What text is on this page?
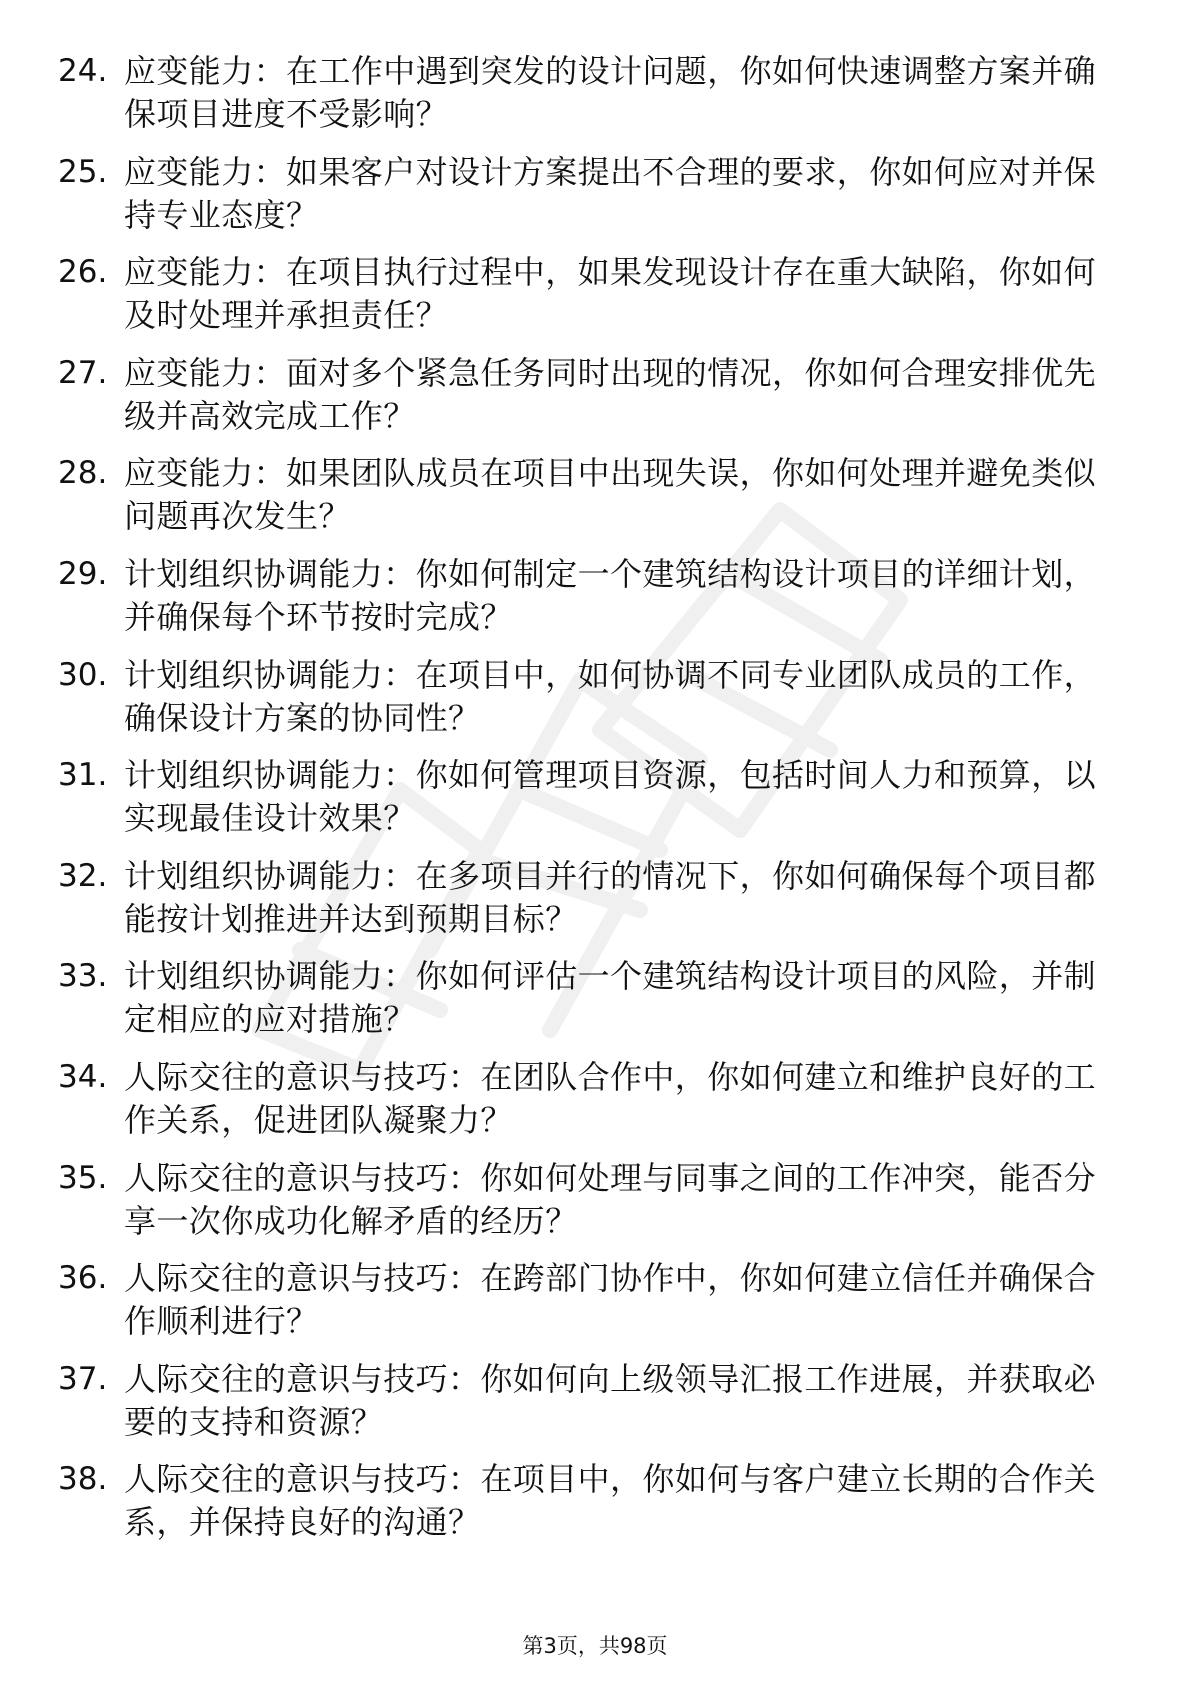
24. 应变能力：在工作中遇到突发的设计问题，你如何快速调整方案并确保项目进度不受影响？
25. 应变能力：如果客户对设计方案提出不合理的要求，你如何应对并保持专业态度？
26. 应变能力：在项目执行过程中，如果发现设计存在重大缺陷，你如何及时处理并承担责任？
27. 应变能力：面对多个紧急任务同时出现的情况，你如何合理安排优先级并高效完成工作？
28. 应变能力：如果团队成员在项目中出现失误，你如何处理并避免类似问题再次发生？
29. 计划组织协调能力：你如何制定一个建筑结构设计项目的详细计划，并确保每个环节按时完成？
30. 计划组织协调能力：在项目中，如何协调不同专业团队成员的工作，确保设计方案的协同性？
31. 计划组织协调能力：你如何管理项目资源，包括时间人力和预算，以实现最佳设计效果？
32. 计划组织协调能力：在多项目并行的情况下，你如何确保每个项目都能按计划推进并达到预期目标？
33. 计划组织协调能力：你如何评估一个建筑结构设计项目的风险，并制定相应的应对措施？
34. 人际交往的意识与技巧：在团队合作中，你如何建立和维护良好的工作关系，促进团队凝聚力？
35. 人际交往的意识与技巧：你如何处理与同事之间的工作冲突，能否分享一次你成功化解矛盾的经历？
36. 人际交往的意识与技巧：在跨部门协作中，你如何建立信任并确保合作顺利进行？
37. 人际交往的意识与技巧：你如何向上级领导汇报工作进展，并获取必要的支持和资源？
38. 人际交往的意识与技巧：在项目中，你如何与客户建立长期的合作关系，并保持良好的沟通？
第3页，共98页
